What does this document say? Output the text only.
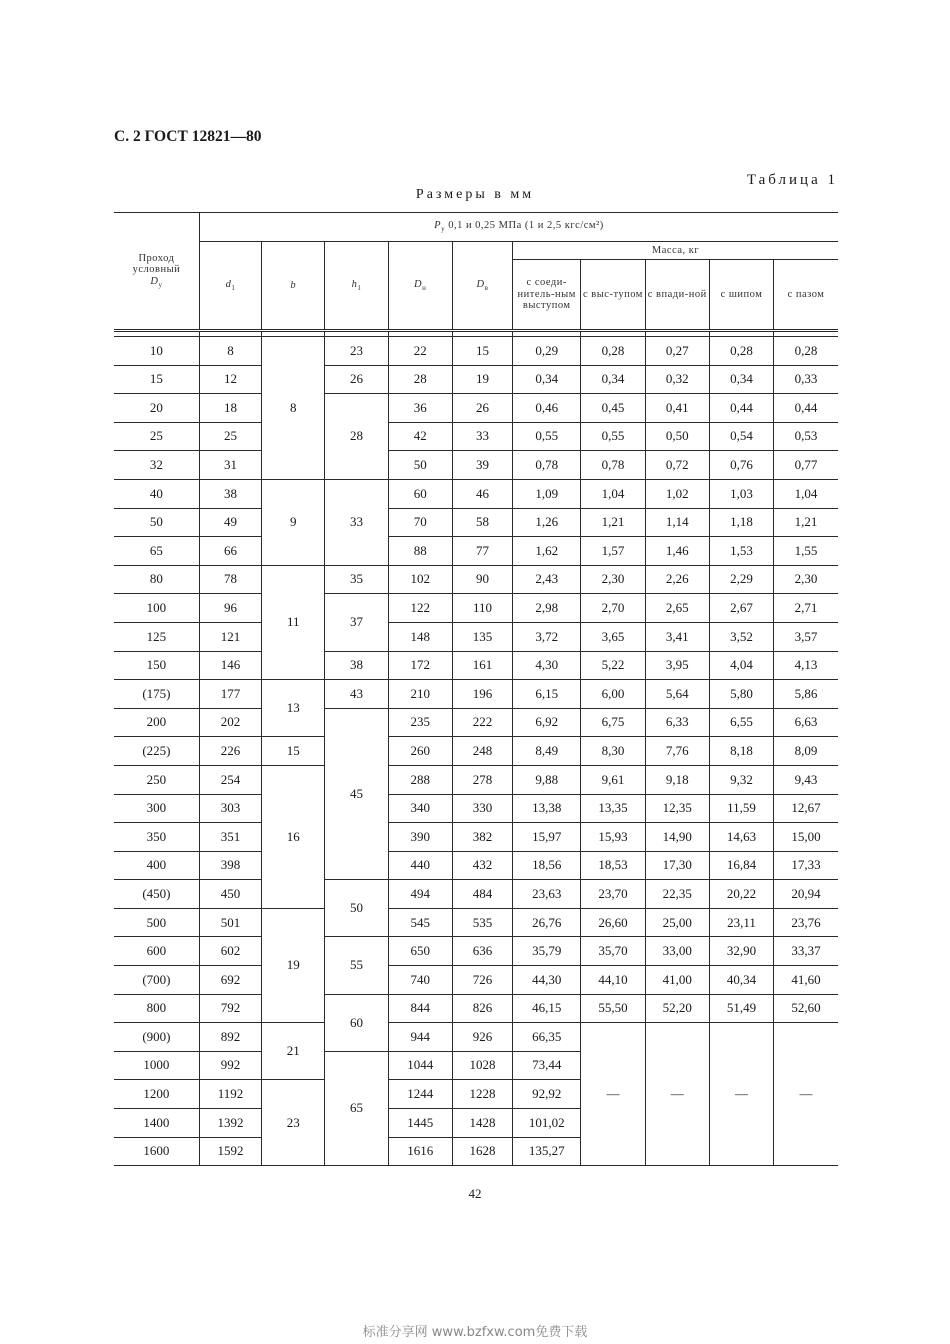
С. 2 ГОСТ 12821—80
Таблица 1
Размеры в мм
Проход условный
$D_y$	$P_y$ 0,1 и 0,25 МПа (1 и 2,5 кгс/см²)									
	$d_1$	b	$h_1$	$D_н$	$D_в$	Масса, кг				
						с соеди-нитель-ным выступом	с выс-тупом	с впади-ной	с шипом	с пазом

10	8	8	23	22	15	0,29	0,28	0,27	0,28	0,28
15	12		26	28	19	0,34	0,34	0,32	0,34	0,33
20	18		28	36	26	0,46	0,45	0,41	0,44	0,44
25	25			42	33	0,55	0,55	0,50	0,54	0,53
32	31			50	39	0,78	0,78	0,72	0,76	0,77
40	38	9	33	60	46	1,09	1,04	1,02	1,03	1,04
50	49			70	58	1,26	1,21	1,14	1,18	1,21
65	66			88	77	1,62	1,57	1,46	1,53	1,55
80	78	11	35	102	90	2,43	2,30	2,26	2,29	2,30
100	96		37	122	110	2,98	2,70	2,65	2,67	2,71
125	121			148	135	3,72	3,65	3,41	3,52	3,57
150	146		38	172	161	4,30	5,22	3,95	4,04	4,13
(175)	177	13	43	210	196	6,15	6,00	5,64	5,80	5,86
200	202		45	235	222	6,92	6,75	6,33	6,55	6,63
(225)	226	15		260	248	8,49	8,30	7,76	8,18	8,09
250	254	16		288	278	9,88	9,61	9,18	9,32	9,43
300	303			340	330	13,38	13,35	12,35	11,59	12,67
350	351			390	382	15,97	15,93	14,90	14,63	15,00
400	398			440	432	18,56	18,53	17,30	16,84	17,33
(450)	450		50	494	484	23,63	23,70	22,35	20,22	20,94
500	501	19		545	535	26,76	26,60	25,00	23,11	23,76
600	602		55	650	636	35,79	35,70	33,00	32,90	33,37
(700)	692			740	726	44,30	44,10	41,00	40,34	41,60
800	792		60	844	826	46,15	55,50	52,20	51,49	52,60
(900)	892	21		944	926	66,35	—	—	—	—
1000	992		65	1044	1028	73,44				
1200	1192	23		1244	1228	92,92				
1400	1392			1445	1428	101,02				
1600	1592			1616	1628	135,27				
42
标准分享网 www.bzfxw.com免费下载
